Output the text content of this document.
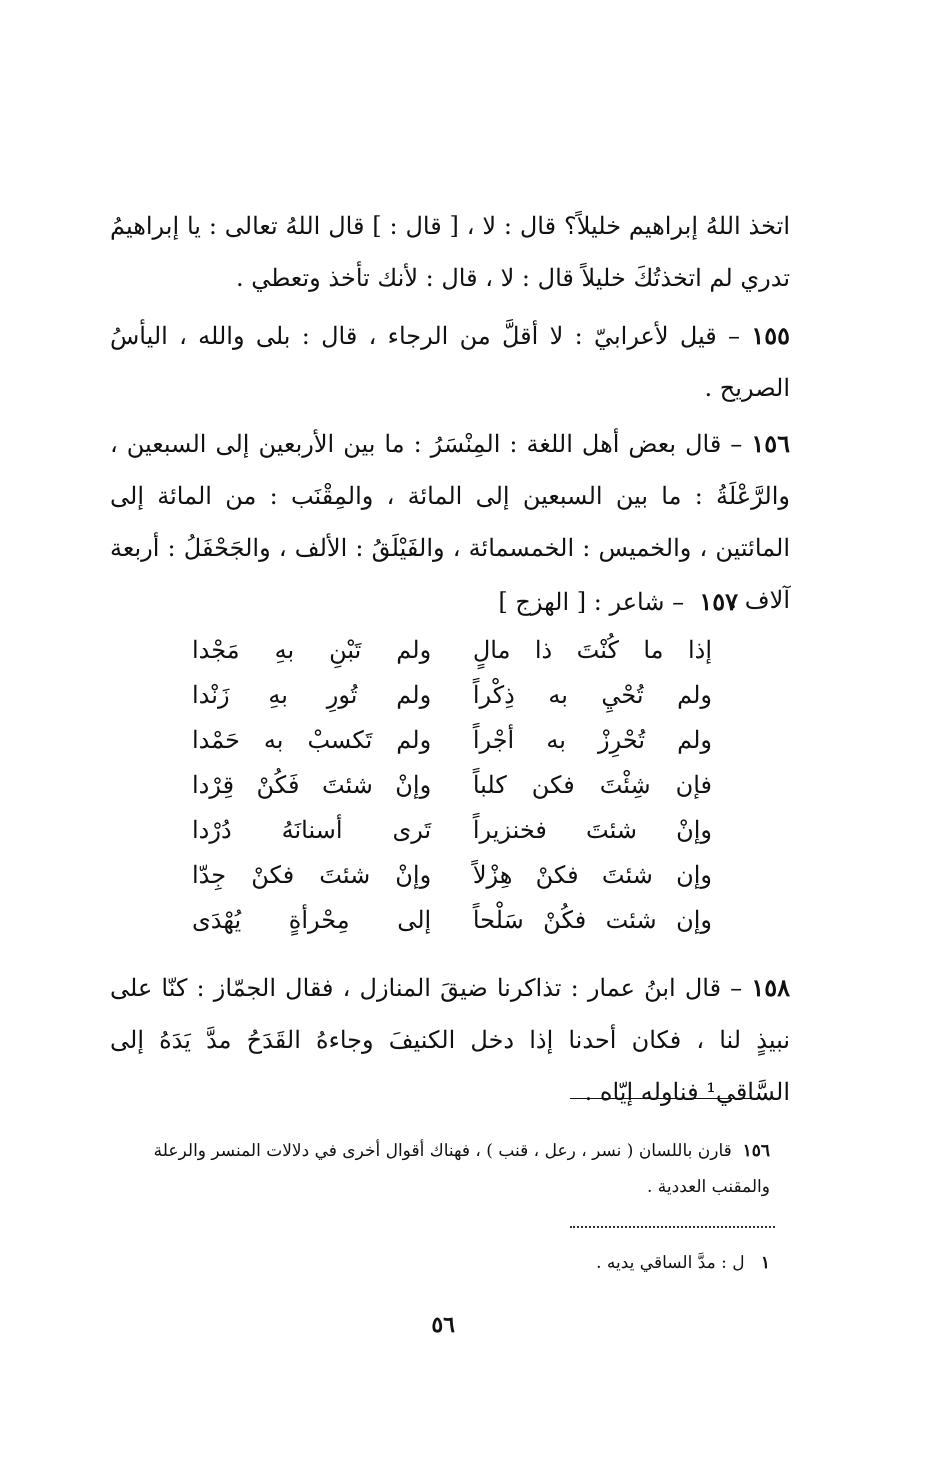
اتخذ اللهُ إبراهيم خليلاً؟ قال : لا ، [ قال : ] قال اللهُ تعالى : يا إبراهيمُ تدري لم اتخذتُكَ خليلاً قال : لا ، قال : لأنك تأخذ وتعطي .

١٥٥ – قيل لأعرابيّ : لا أقلَّ من الرجاء ، قال : بلى والله ، اليأسُ الصريح .

١٥٦ – قال بعض أهل اللغة : المِنْسَرُ : ما بين الأربعين إلى السبعين ، والرَّعْلَةُ : ما بين السبعين إلى المائة ، والمِقْنَب : من المائة إلى المائتين ، والخميس : الخمسمائة ، والفَيْلَقُ : الألف ، والجَحْفَلُ : أربعة آلاف .

١٥٧  – شاعر : [ الهزج ]

إذا ما كُنْتَ ذا مالٍ
ولم تَبْنِ بهِ مَجْدا
ولم تُحْيِ به ذِكْراً
ولم تُورِ بهِ زَنْدا
ولم تُحْرِزْ به أجْراً
ولم تَكسبْ به حَمْدا
فإن شِئْتَ فكن كلباً
وإنْ شئتَ فَكُنْ قِرْدا
وإنْ شئتَ فخنزيراً
تَرى أسنانَهُ دُرْدا
وإن شئتَ فكنْ هِزْلاً
وإنْ شئتَ فكنْ جِدّا
وإن شئت فكُنْ سَلْحاً
إلى مِحْرأةٍ يُهْدَى

١٥٨ – قال ابنُ عمار : تذاكرنا ضيقَ المنازل ، فقال الجمّاز : كنّا على نبيذٍ لنا ، فكان أحدنا إذا دخل الكنيفَ وجاءهُ القَدَحُ مدَّ يَدَهُ إلى السَّاقي¹ فناوله إيّاه .

١٥٦  قارن باللسان ( نسر ، رعل ، قنب ) ، فهناك أقوال أخرى في دلالات المنسر والرعلة والمقنب العددية .
١   ل : مدَّ الساقي يديه .
٥٦
